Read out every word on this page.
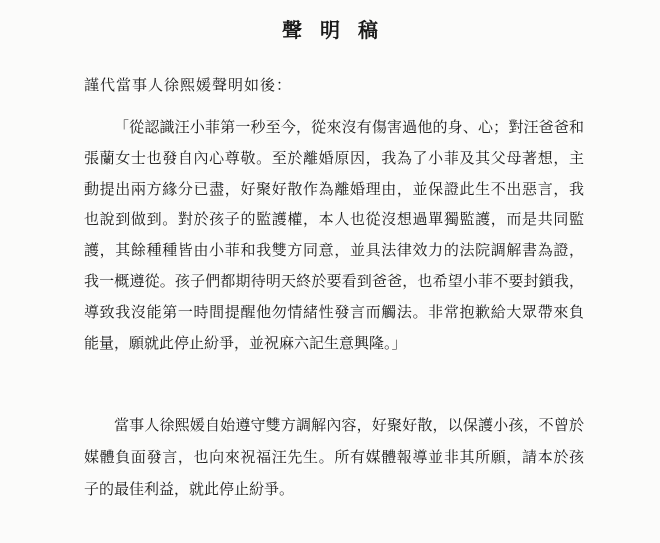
聲明稿
謹代當事人徐熙媛聲明如後：
「從認識汪小菲第一秒至今，從來沒有傷害過他的身、心；對汪爸爸和
張蘭女士也發自內心尊敬。至於離婚原因，我為了小菲及其父母著想，主
動提出兩方緣分已盡，好聚好散作為離婚理由，並保證此生不出惡言，我
也說到做到。對於孩子的監護權，本人也從沒想過單獨監護，而是共同監
護，其餘種種皆由小菲和我雙方同意，並具法律效力的法院調解書為證，
我一概遵從。孩子們都期待明天終於要看到爸爸，也希望小菲不要封鎖我，
導致我沒能第一時間提醒他勿情緒性發言而觸法。非常抱歉給大眾帶來負
能量，願就此停止紛爭，並祝麻六記生意興隆。」
當事人徐熙媛自始遵守雙方調解內容，好聚好散，以保護小孩，不曾於
媒體負面發言，也向來祝福汪先生。所有媒體報導並非其所願，請本於孩
子的最佳利益，就此停止紛爭。
